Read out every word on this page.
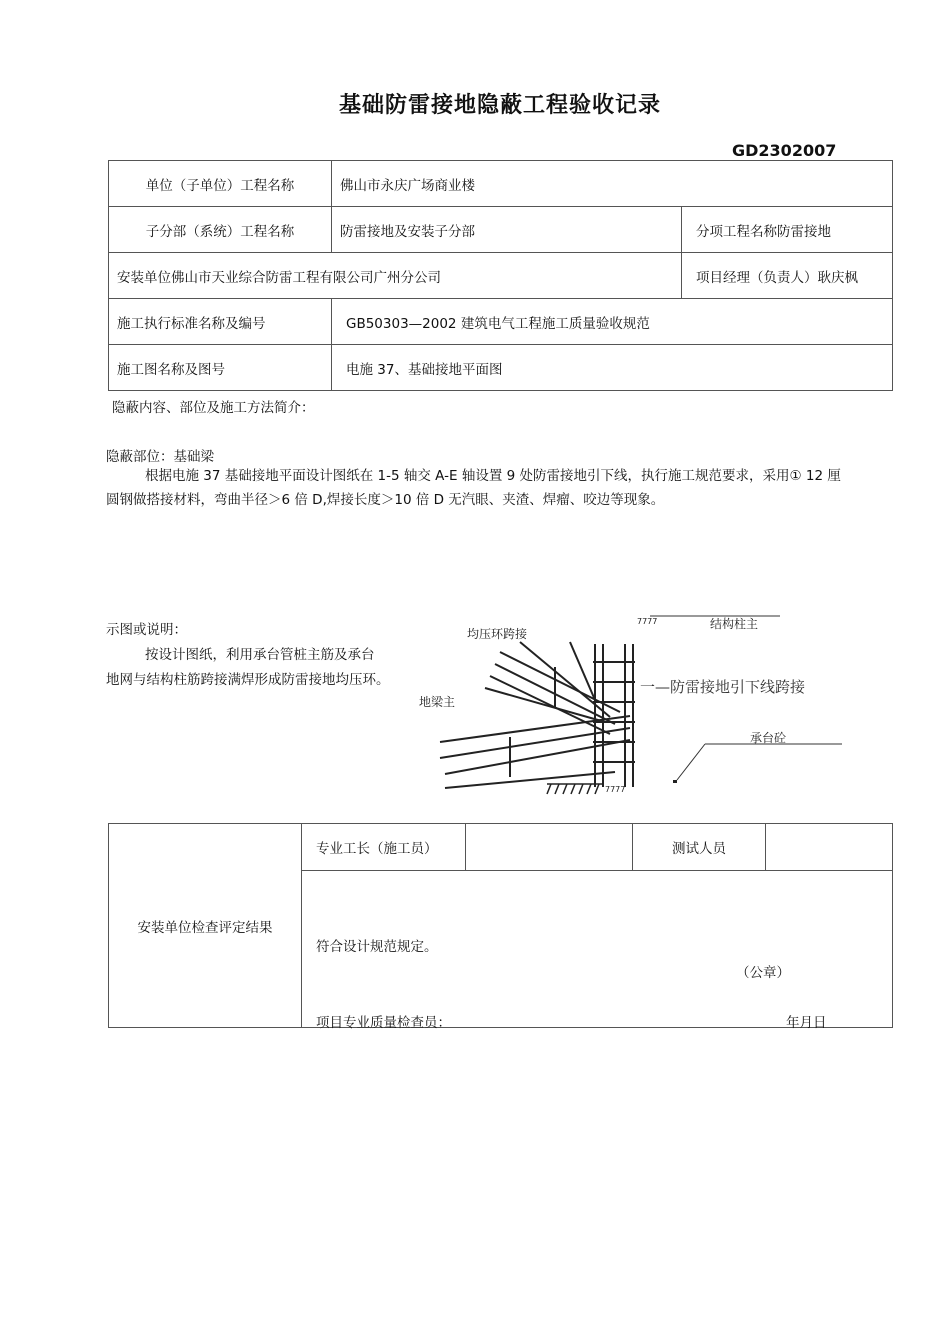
基础防雷接地隐蔽工程验收记录
GD2302007
单位（子单位）工程名称	佛山市永庆广场商业楼	
子分部（系统）工程名称	防雷接地及安装子分部	分项工程名称防雷接地
安装单位佛山市天业综合防雷工程有限公司广州分公司		项目经理（负责人）耿庆枫
施工执行标准名称及编号	GB50303—2002 建筑电气工程施工质量验收规范	
施工图名称及图号	电施 37、基础接地平面图	
隐蔽内容、部位及施工方法简介：
隐蔽部位：基础梁
根据电施 37 基础接地平面设计图纸在 1-5 轴交 A-E 轴设置 9 处防雷接地引下线，执行施工规范要求，采用① 12 厘
圆钢做搭接材料，弯曲半径＞6 倍 D,焊接长度＞10 倍 D 无汽眼、夹渣、焊瘤、咬边等现象。
示图或说明：
按设计图纸，利用承台管桩主筋及承台
地网与结构柱筋跨接满焊形成防雷接地均压环。
均压环跨接
结构柱主
地梁主
一—防雷接地引下线跨接
承台砼
7777
7777
安装单位检查评定结果	专业工长（施工员）		测试人员	

符合设计规范规定。
（公章）
项目专业质量检查员：	年月日
